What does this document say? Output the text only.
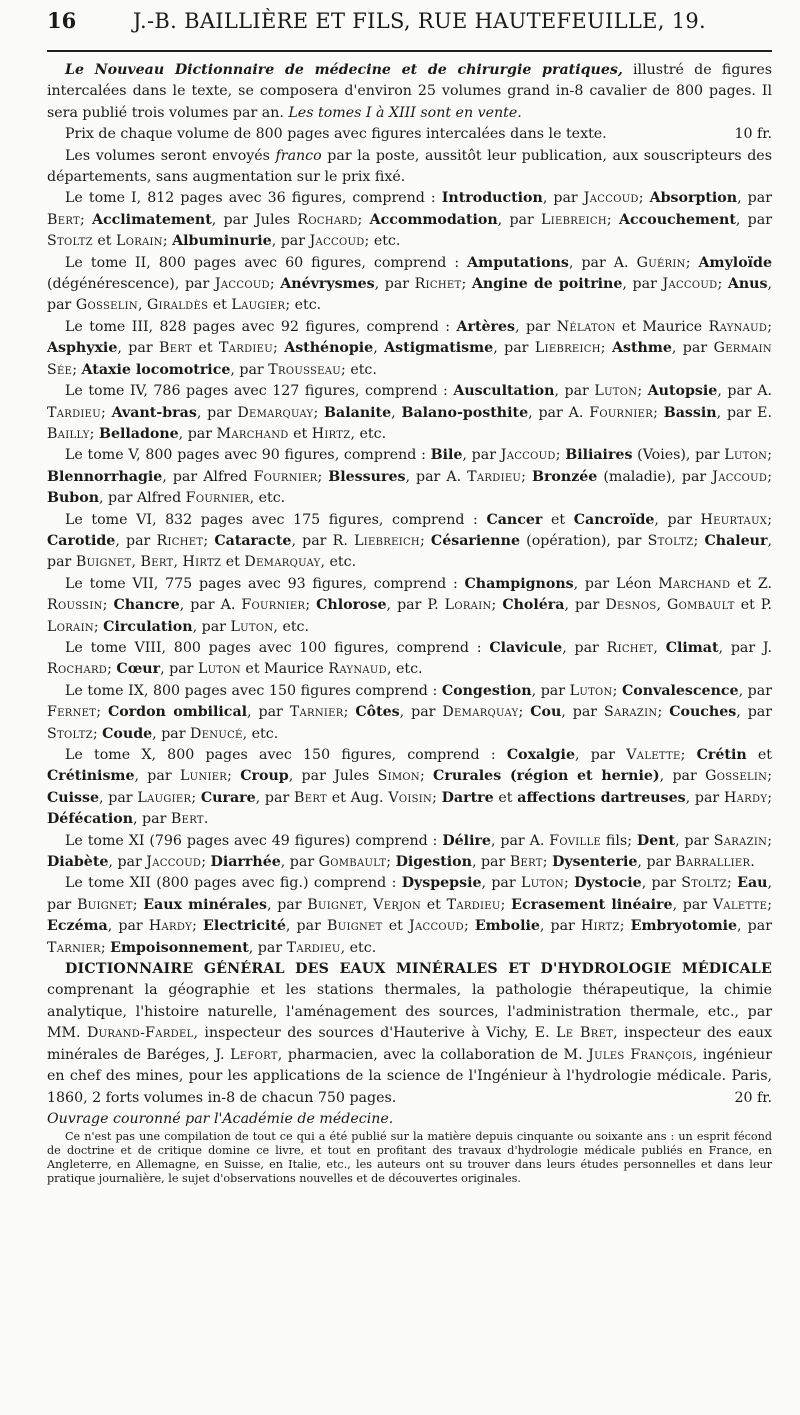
16	J.-B. BAILLIÈRE ET FILS, RUE HAUTEFEUILLE, 19.

Le Nouveau Dictionnaire de médecine et de chirurgie pratiques, illustré de figures intercalées dans le texte, se composera d'environ 25 volumes grand in-8 cavalier de 800 pages. Il sera publié trois volumes par an. Les tomes I à XIII sont en vente.

Prix de chaque volume de 800 pages avec figures intercalées dans le texte.	10 fr.

Les volumes seront envoyés franco par la poste, aussitôt leur publication, aux souscripteurs des départements, sans augmentation sur le prix fixé.

Le tome I, 812 pages avec 36 figures, comprend : Introduction, par Jaccoud; Absorption, par Bert; Acclimatement, par Jules Rochard; Accommodation, par Liebreich; Accouchement, par Stoltz et Lorain; Albuminurie, par Jaccoud; etc.

Le tome II, 800 pages avec 60 figures, comprend : Amputations, par A. Guérin; Amyloïde (dégénérescence), par Jaccoud; Anévrysmes, par Richet; Angine de poitrine, par Jaccoud; Anus, par Gosselin, Giraldès et Laugier; etc.

Le tome III, 828 pages avec 92 figures, comprend : Artères, par Nélaton et Maurice Raynaud; Asphyxie, par Bert et Tardieu; Asthénopie, Astigmatisme, par Liebreich; Asthme, par Germain Sée; Ataxie locomotrice, par Trousseau; etc.

Le tome IV, 786 pages avec 127 figures, comprend : Auscultation, par Luton; Autopsie, par A. Tardieu; Avant-bras, par Demarquay; Balanite, Balano-posthite, par A. Fournier; Bassin, par E. Bailly; Belladone, par Marchand et Hirtz, etc.

Le tome V, 800 pages avec 90 figures, comprend : Bile, par Jaccoud; Biliaires (Voies), par Luton; Blennorrhagie, par Alfred Fournier; Blessures, par A. Tardieu; Bronzée (maladie), par Jaccoud; Bubon, par Alfred Fournier, etc.

Le tome VI, 832 pages avec 175 figures, comprend : Cancer et Cancroïde, par Heurtaux; Carotide, par Richet; Cataracte, par R. Liebreich; Césarienne (opération), par Stoltz; Chaleur, par Buignet, Bert, Hirtz et Demarquay, etc.

Le tome VII, 775 pages avec 93 figures, comprend : Champignons, par Léon Marchand et Z. Roussin; Chancre, par A. Fournier; Chlorose, par P. Lorain; Choléra, par Desnos, Gombault et P. Lorain; Circulation, par Luton, etc.

Le tome VIII, 800 pages avec 100 figures, comprend : Clavicule, par Richet, Climat, par J. Rochard; Cœur, par Luton et Maurice Raynaud, etc.

Le tome IX, 800 pages avec 150 figures comprend : Congestion, par Luton; Convalescence, par Fernet; Cordon ombilical, par Tarnier; Côtes, par Demarquay; Cou, par Sarazin; Couches, par Stoltz; Coude, par Denucé, etc.

Le tome X, 800 pages avec 150 figures, comprend : Coxalgie, par Valette; Crétin et Crétinisme, par Lunier; Croup, par Jules Simon; Crurales (région et hernie), par Gosselin; Cuisse, par Laugier; Curare, par Bert et Aug. Voisin; Dartre et affections dartreuses, par Hardy; Défécation, par Bert.

Le tome XI (796 pages avec 49 figures) comprend : Délire, par A. Foville fils; Dent, par Sarazin; Diabète, par Jaccoud; Diarrhée, par Gombault; Digestion, par Bert; Dysenterie, par Barrallier.

Le tome XII (800 pages avec fig.) comprend : Dyspepsie, par Luton; Dystocie, par Stoltz; Eau, par Buignet; Eaux minérales, par Buignet, Verjon et Tardieu; Ecrasement linéaire, par Valette; Eczéma, par Hardy; Electricité, par Buignet et Jaccoud; Embolie, par Hirtz; Embryotomie, par Tarnier; Empoisonnement, par Tardieu, etc.

DICTIONNAIRE GÉNÉRAL DES EAUX MINÉRALES ET D'HYDROLOGIE MÉDICALE comprenant la géographie et les stations thermales, la pathologie thérapeutique, la chimie analytique, l'histoire naturelle, l'aménagement des sources, l'administration thermale, etc., par MM. Durand-Fardel, inspecteur des sources d'Hauterive à Vichy, E. Le Bret, inspecteur des eaux minérales de Baréges, J. Lefort, pharmacien, avec la collaboration de M. Jules François, ingénieur en chef des mines, pour les applications de la science de l'Ingénieur à l'hydrologie médicale. Paris, 1860, 2 forts volumes in-8 de chacun 750 pages.	20 fr.

Ouvrage couronné par l'Académie de médecine.

Ce n'est pas une compilation de tout ce qui a été publié sur la matière depuis cinquante ou soixante ans : un esprit fécond de doctrine et de critique domine ce livre, et tout en profitant des travaux d'hydrologie médicale publiés en France, en Angleterre, en Allemagne, en Suisse, en Italie, etc., les auteurs ont su trouver dans leurs études personnelles et dans leur pratique journalière, le sujet d'observations nouvelles et de découvertes originales.
